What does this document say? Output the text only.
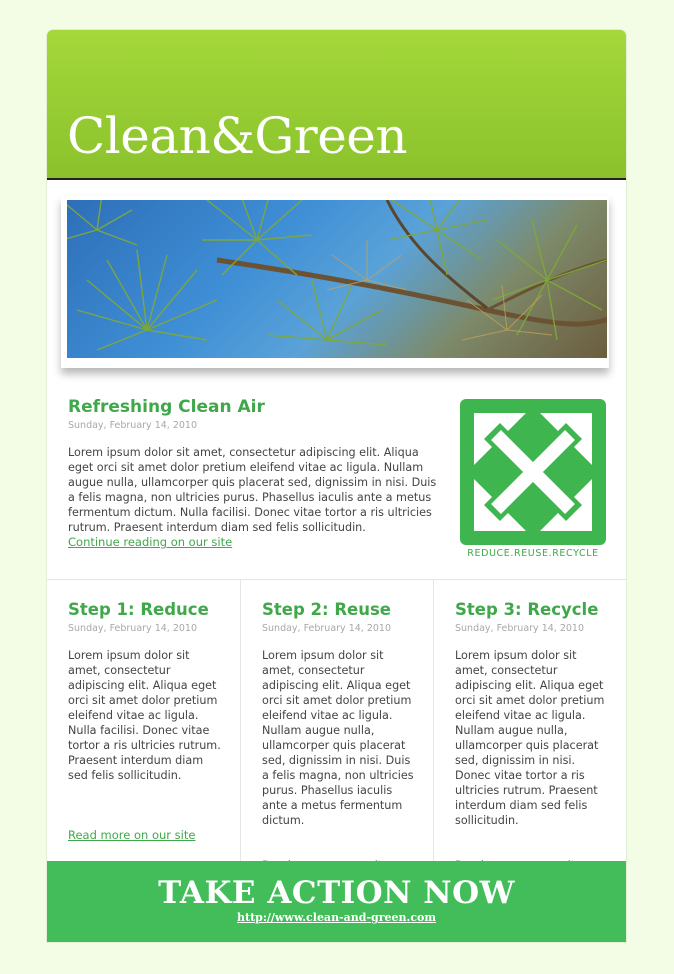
Clean&Green
Refreshing Clean Air
Sunday, February 14, 2010
Lorem ipsum dolor sit amet, consectetur adipiscing elit. Aliqua eget orci sit amet dolor pretium eleifend vitae ac ligula. Nullam augue nulla, ullamcorper quis placerat sed, dignissim in nisi. Duis a felis magna, non ultricies purus. Phasellus iaculis ante a metus fermentum dictum. Nulla facilisi. Donec vitae tortor a ris ultricies rutrum. Praesent interdum diam sed felis sollicitudin.
Continue reading on our site
REDUCE.REUSE.RECYCLE
Step 1: Reduce
Sunday, February 14, 2010
Lorem ipsum dolor sit amet, consectetur adipiscing elit. Aliqua eget orci sit amet dolor pretium eleifend vitae ac ligula. Nulla facilisi. Donec vitae tortor a ris ultricies rutrum. Praesent interdum diam sed felis sollicitudin.
Read more on our site
Step 2: Reuse
Sunday, February 14, 2010
Lorem ipsum dolor sit amet, consectetur adipiscing elit. Aliqua eget orci sit amet dolor pretium eleifend vitae ac ligula. Nullam augue nulla, ullamcorper quis placerat sed, dignissim in nisi. Duis a felis magna, non ultricies purus. Phasellus iaculis ante a metus fermentum dictum.
Step 3: Recycle
Sunday, February 14, 2010
Lorem ipsum dolor sit amet, consectetur adipiscing elit. Aliqua eget orci sit amet dolor pretium eleifend vitae ac ligula. Nullam augue nulla, ullamcorper quis placerat sed, dignissim in nisi. Donec vitae tortor a ris ultricies rutrum. Praesent interdum diam sed felis sollicitudin.
TAKE ACTION NOW
http://www.clean-and-green.com
